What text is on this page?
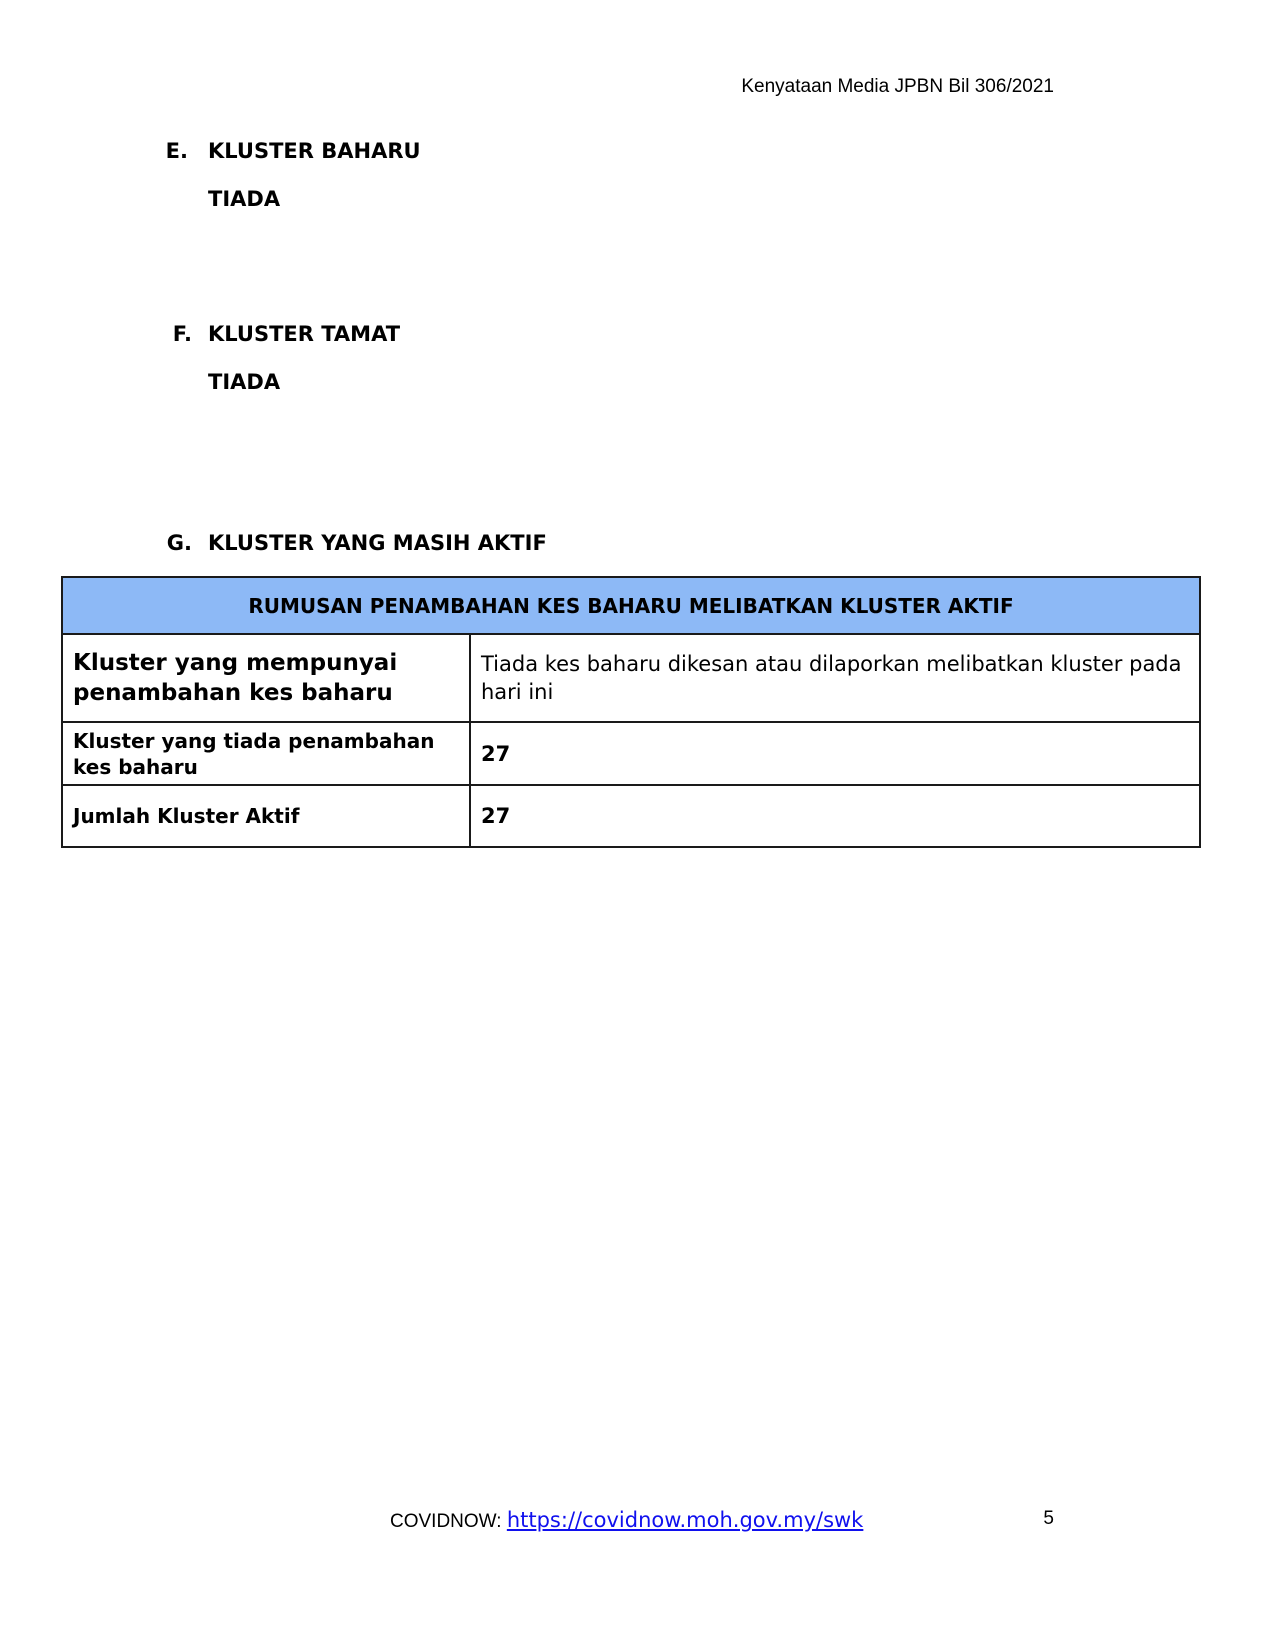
Kenyataan Media JPBN Bil 306/2021
E. KLUSTER BAHARU
TIADA
F. KLUSTER TAMAT
TIADA
G. KLUSTER YANG MASIH AKTIF
RUMUSAN PENAMBAHAN KES BAHARU MELIBATKAN KLUSTER AKTIF	
Kluster yang mempunyai penambahan kes baharu	Tiada kes baharu dikesan atau dilaporkan melibatkan kluster pada hari ini
Kluster yang tiada penambahan kes baharu	27
Jumlah Kluster Aktif	27
COVIDNOW: https://covidnow.moh.gov.my/swk	5
